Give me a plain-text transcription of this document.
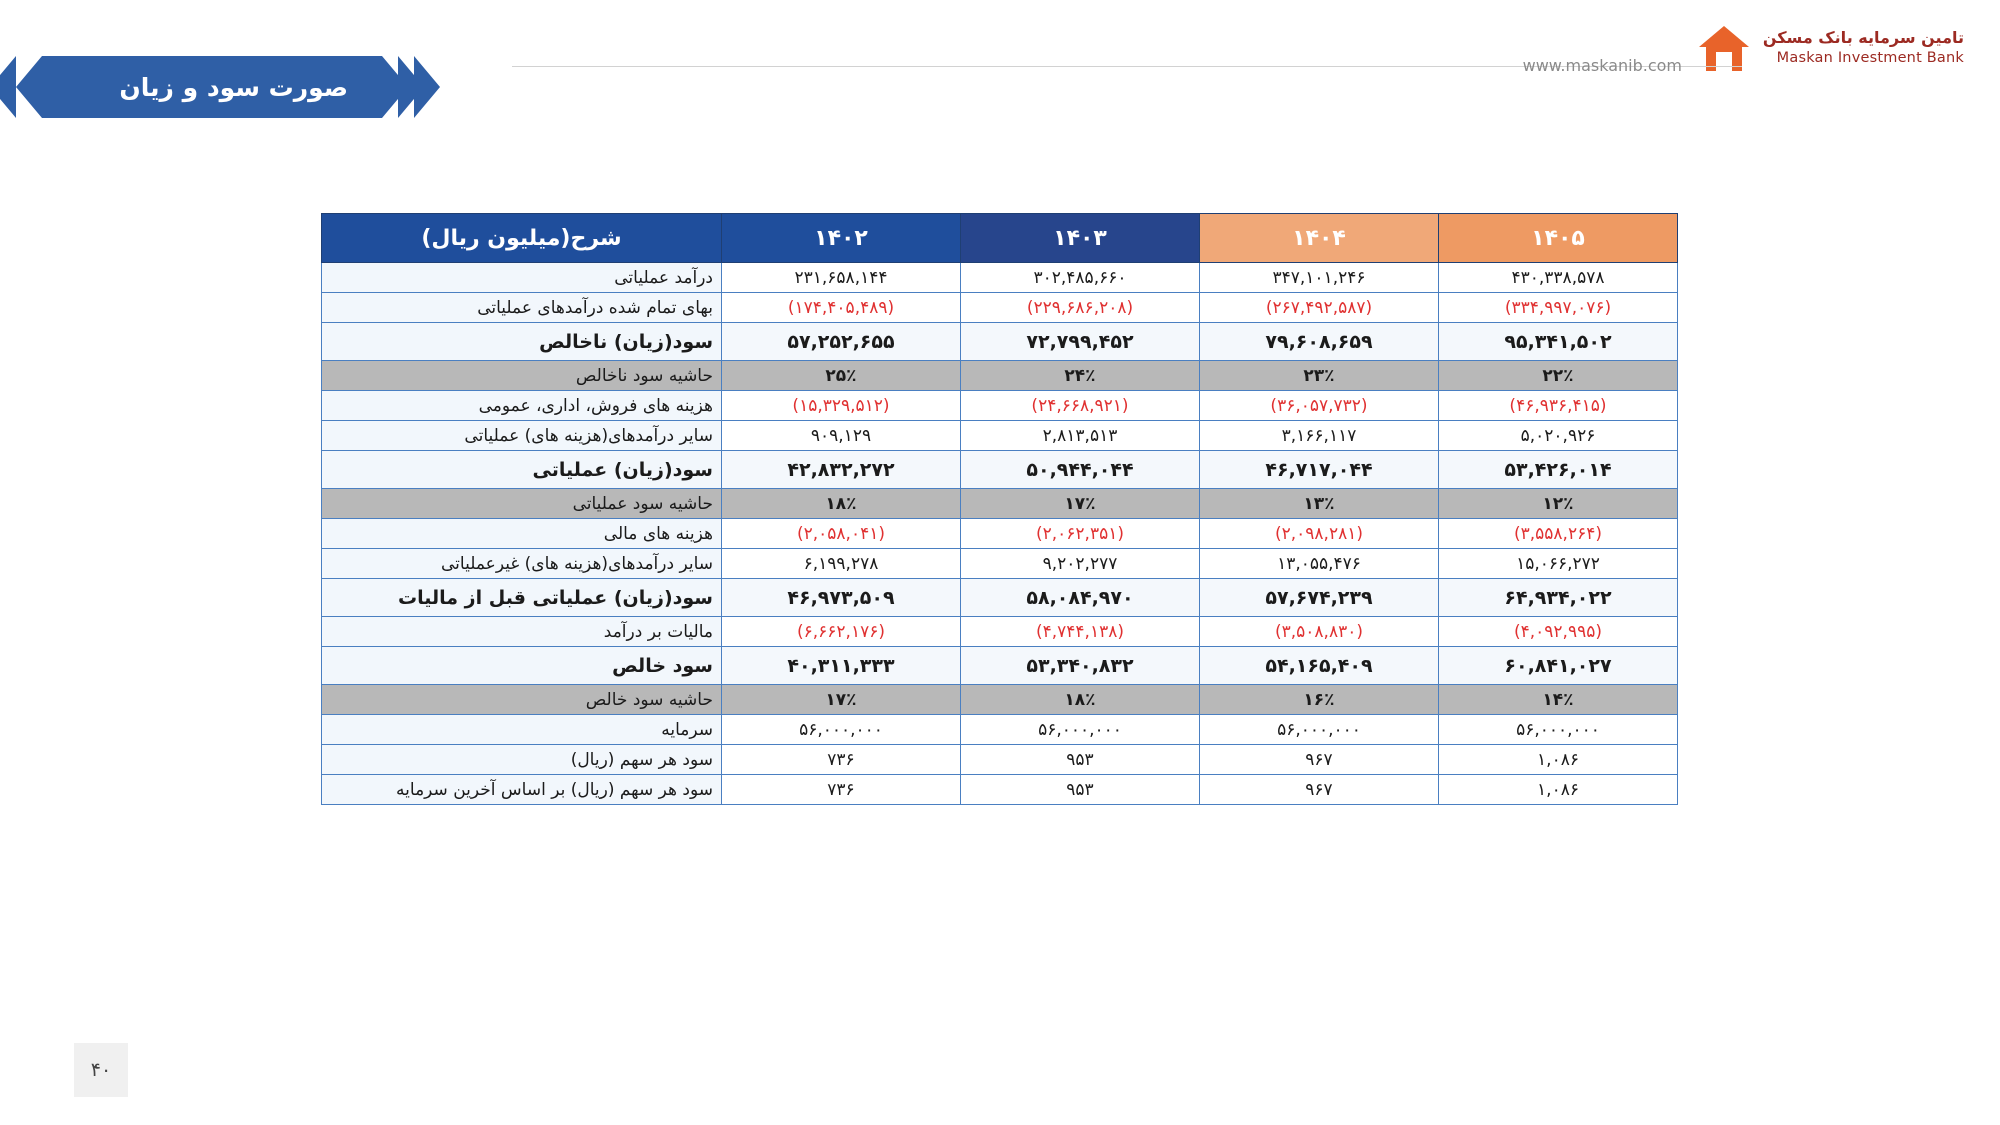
تامین سرمایه بانک مسکن
Maskan Investment Bank
www.maskanib.com
صورت سود و زیان
۱۴۰۵	۱۴۰۴	۱۴۰۳	۱۴۰۲	شرح(میلیون ریال)
۴۳۰,۳۳۸,۵۷۸	۳۴۷,۱۰۱,۲۴۶	۳۰۲,۴۸۵,۶۶۰	۲۳۱,۶۵۸,۱۴۴	درآمد عملیاتی
(۳۳۴,۹۹۷,۰۷۶)	(۲۶۷,۴۹۲,۵۸۷)	(۲۲۹,۶۸۶,۲۰۸)	(۱۷۴,۴۰۵,۴۸۹)	بهای تمام شده درآمدهای عملیاتی
۹۵,۳۴۱,۵۰۲	۷۹,۶۰۸,۶۵۹	۷۲,۷۹۹,۴۵۲	۵۷,۲۵۲,۶۵۵	سود(زیان) ناخالص
۲۲٪	۲۳٪	۲۴٪	۲۵٪	حاشیه سود ناخالص
(۴۶,۹۳۶,۴۱۵)	(۳۶,۰۵۷,۷۳۲)	(۲۴,۶۶۸,۹۲۱)	(۱۵,۳۲۹,۵۱۲)	هزینه های فروش، اداری، عمومی
۵,۰۲۰,۹۲۶	۳,۱۶۶,۱۱۷	۲,۸۱۳,۵۱۳	۹۰۹,۱۲۹	سایر درآمدهای(هزینه های) عملیاتی
۵۳,۴۲۶,۰۱۴	۴۶,۷۱۷,۰۴۴	۵۰,۹۴۴,۰۴۴	۴۲,۸۳۲,۲۷۲	سود(زیان) عملیاتی
۱۲٪	۱۳٪	۱۷٪	۱۸٪	حاشیه سود عملیاتی
(۳,۵۵۸,۲۶۴)	(۲,۰۹۸,۲۸۱)	(۲,۰۶۲,۳۵۱)	(۲,۰۵۸,۰۴۱)	هزینه های مالی
۱۵,۰۶۶,۲۷۲	۱۳,۰۵۵,۴۷۶	۹,۲۰۲,۲۷۷	۶,۱۹۹,۲۷۸	سایر درآمدهای(هزینه های) غیرعملیاتی
۶۴,۹۳۴,۰۲۲	۵۷,۶۷۴,۲۳۹	۵۸,۰۸۴,۹۷۰	۴۶,۹۷۳,۵۰۹	سود(زیان) عملیاتی قبل از مالیات
(۴,۰۹۲,۹۹۵)	(۳,۵۰۸,۸۳۰)	(۴,۷۴۴,۱۳۸)	(۶,۶۶۲,۱۷۶)	مالیات بر درآمد
۶۰,۸۴۱,۰۲۷	۵۴,۱۶۵,۴۰۹	۵۳,۳۴۰,۸۳۲	۴۰,۳۱۱,۳۳۳	سود خالص
۱۴٪	۱۶٪	۱۸٪	۱۷٪	حاشیه سود خالص
۵۶,۰۰۰,۰۰۰	۵۶,۰۰۰,۰۰۰	۵۶,۰۰۰,۰۰۰	۵۶,۰۰۰,۰۰۰	سرمایه
۱,۰۸۶	۹۶۷	۹۵۳	۷۳۶	سود هر سهم (ریال)
۱,۰۸۶	۹۶۷	۹۵۳	۷۳۶	سود هر سهم (ریال) بر اساس آخرین سرمایه
۴۰
